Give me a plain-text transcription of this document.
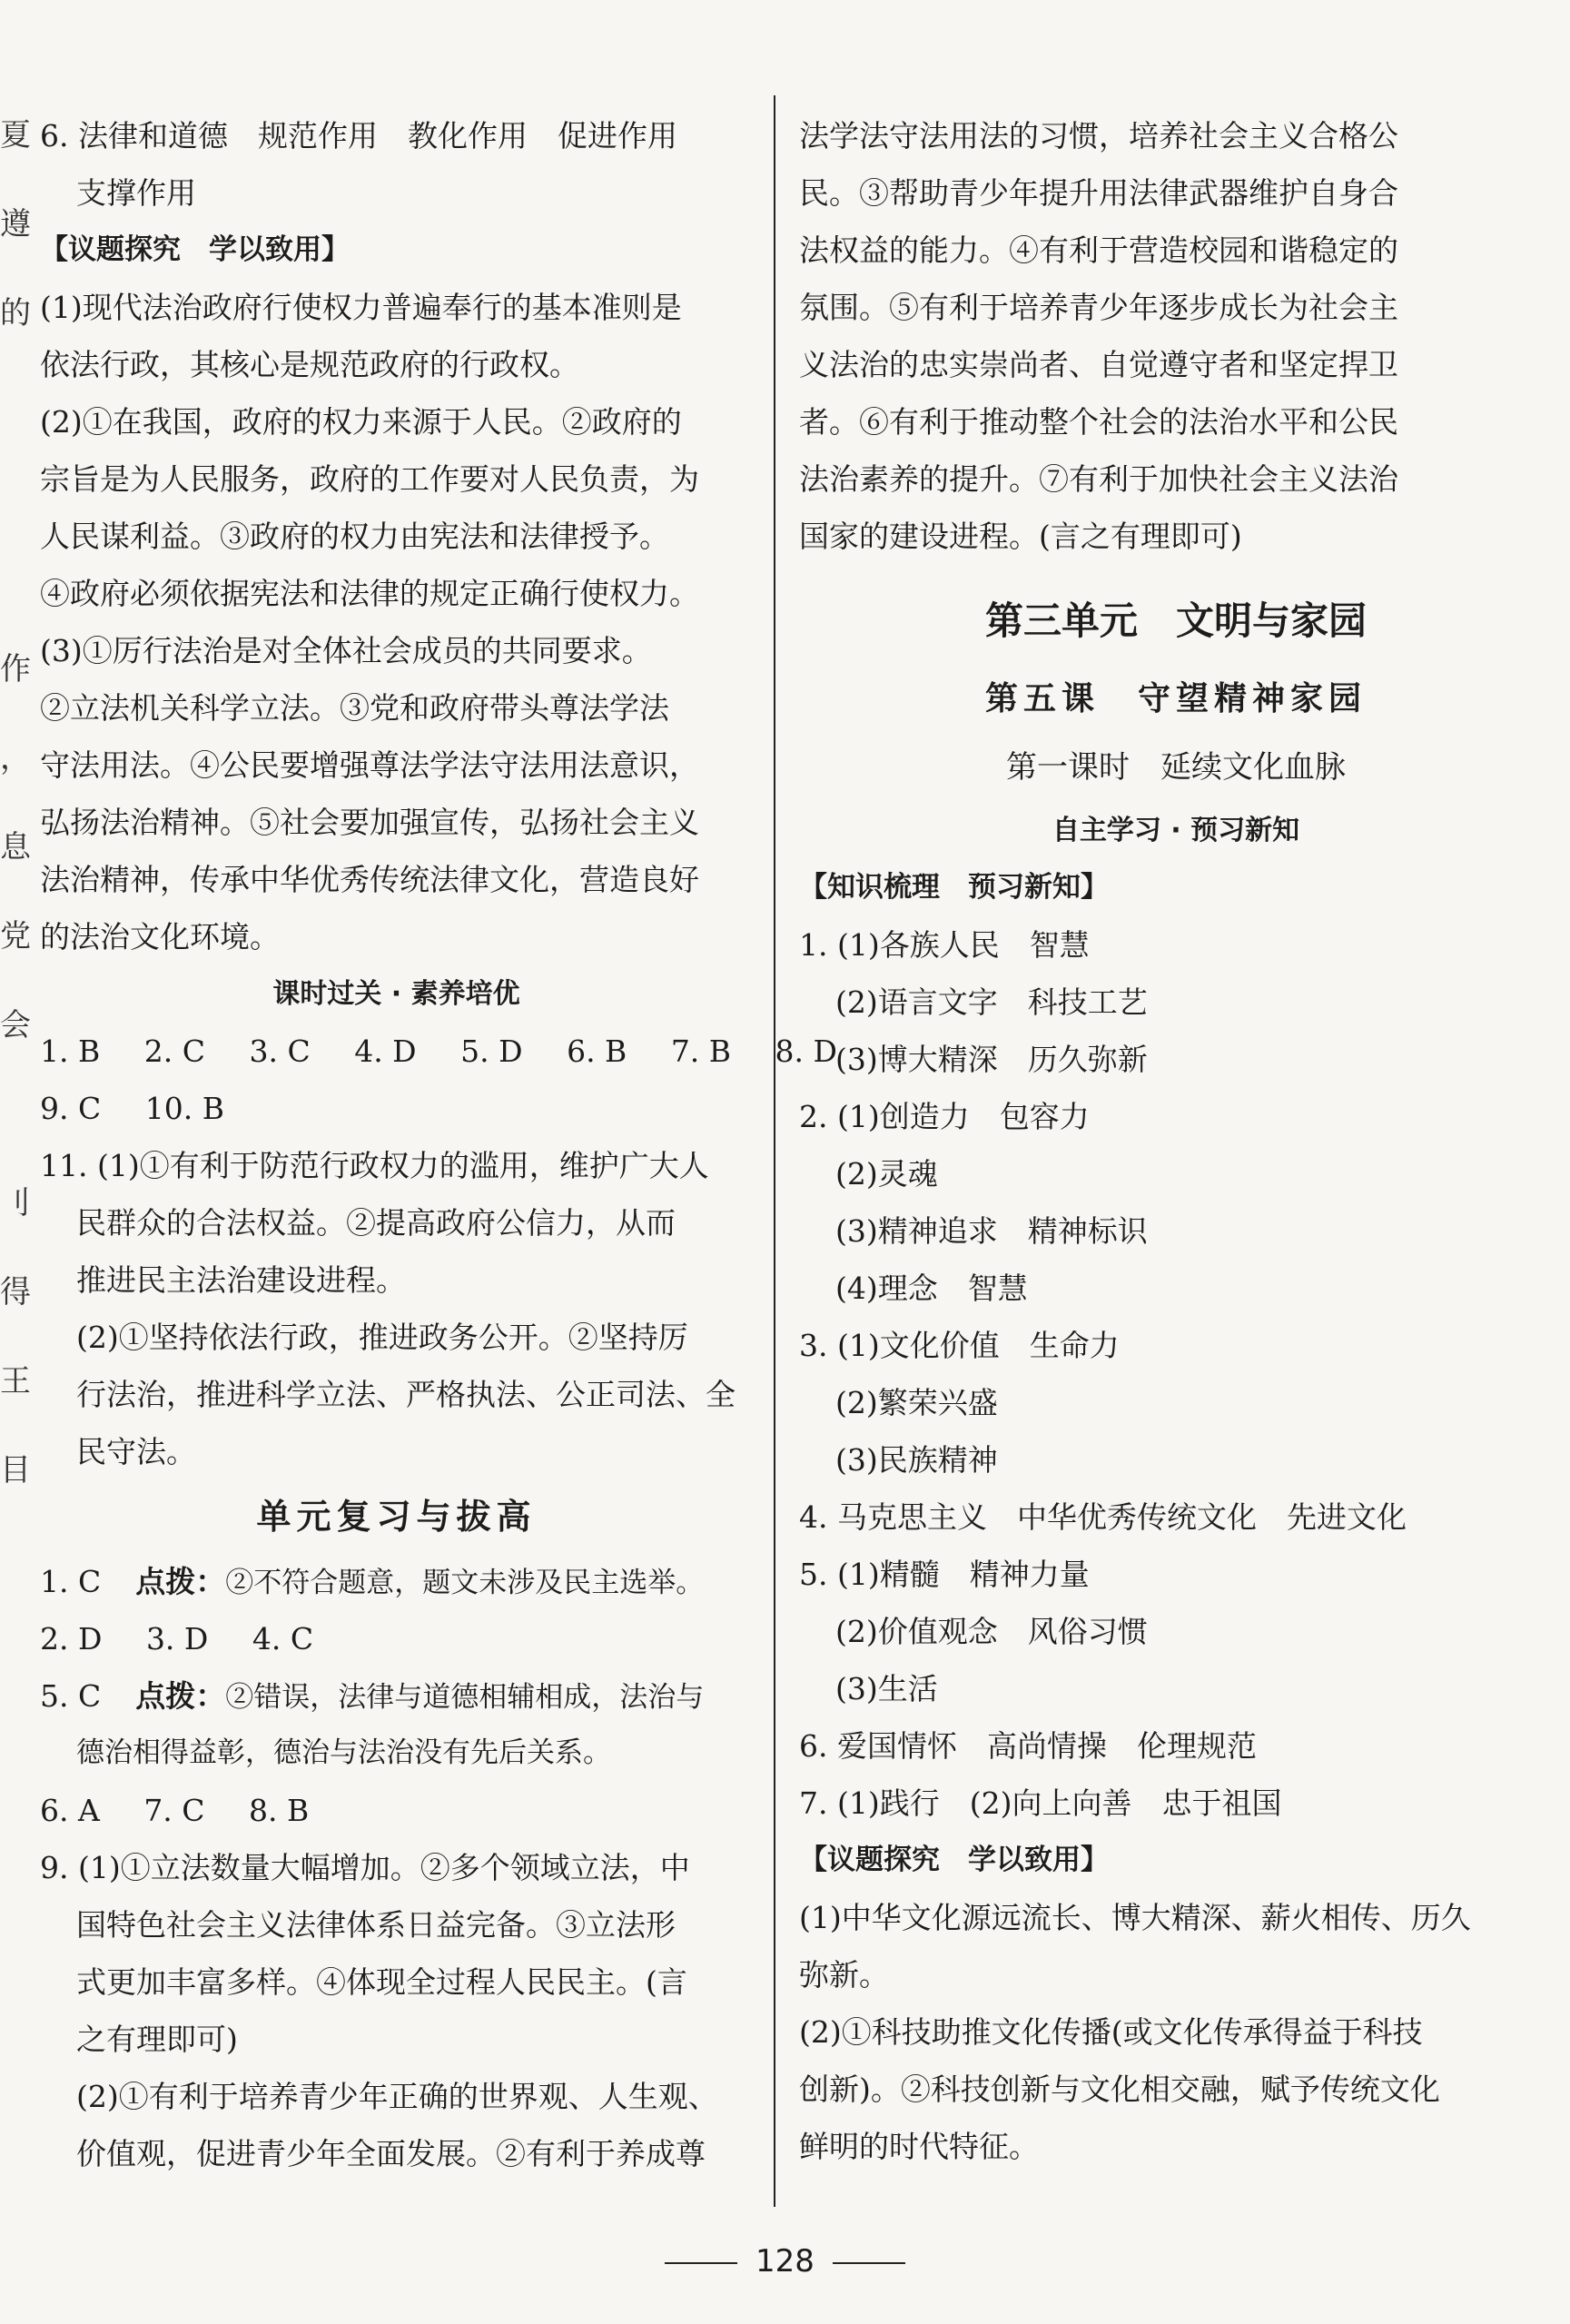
夏
遵
的
作
，
息
党
会
刂
得
王
目
6. 法律和道德　规范作用　教化作用　促进作用
支撑作用
【议题探究　学以致用】
(1)现代法治政府行使权力普遍奉行的基本准则是
依法行政，其核心是规范政府的行政权。
(2)①在我国，政府的权力来源于人民。②政府的
宗旨是为人民服务，政府的工作要对人民负责，为
人民谋利益。③政府的权力由宪法和法律授予。
④政府必须依据宪法和法律的规定正确行使权力。
(3)①厉行法治是对全体社会成员的共同要求。
②立法机关科学立法。③党和政府带头尊法学法
守法用法。④公民要增强尊法学法守法用法意识，
弘扬法治精神。⑤社会要加强宣传，弘扬社会主义
法治精神，传承中华优秀传统法律文化，营造良好
的法治文化环境。
课时过关 · 素养培优
1. B 2. C 3. C 4. D 5. D 6. B 7. B 8. D
9. C 10. B
11. (1)①有利于防范行政权力的滥用，维护广大人
民群众的合法权益。②提高政府公信力，从而
推进民主法治建设进程。
(2)①坚持依法行政，推进政务公开。②坚持厉
行法治，推进科学立法、严格执法、公正司法、全
民守法。
单元复习与拔高
1. C 点拨：②不符合题意，题文未涉及民主选举。
2. D 3. D 4. C
5. C 点拨：②错误，法律与道德相辅相成，法治与
德治相得益彰，德治与法治没有先后关系。
6. A 7. C 8. B
9. (1)①立法数量大幅增加。②多个领域立法，中
国特色社会主义法律体系日益完备。③立法形
式更加丰富多样。④体现全过程人民民主。(言
之有理即可)
(2)①有利于培养青少年正确的世界观、人生观、
价值观，促进青少年全面发展。②有利于养成尊
法学法守法用法的习惯，培养社会主义合格公
民。③帮助青少年提升用法律武器维护自身合
法权益的能力。④有利于营造校园和谐稳定的
氛围。⑤有利于培养青少年逐步成长为社会主
义法治的忠实崇尚者、自觉遵守者和坚定捍卫
者。⑥有利于推动整个社会的法治水平和公民
法治素养的提升。⑦有利于加快社会主义法治
国家的建设进程。(言之有理即可)
第三单元　文明与家园
第五课　守望精神家园
第一课时　延续文化血脉
自主学习 · 预习新知
【知识梳理　预习新知】
1. (1)各族人民　智慧
(2)语言文字　科技工艺
(3)博大精深　历久弥新
2. (1)创造力　包容力
(2)灵魂
(3)精神追求　精神标识
(4)理念　智慧
3. (1)文化价值　生命力
(2)繁荣兴盛
(3)民族精神
4. 马克思主义　中华优秀传统文化　先进文化
5. (1)精髓　精神力量
(2)价值观念　风俗习惯
(3)生活
6. 爱国情怀　高尚情操　伦理规范
7. (1)践行　(2)向上向善　忠于祖国
【议题探究　学以致用】
(1)中华文化源远流长、博大精深、薪火相传、历久
弥新。
(2)①科技助推文化传播(或文化传承得益于科技
创新)。②科技创新与文化相交融，赋予传统文化
鲜明的时代特征。
128
